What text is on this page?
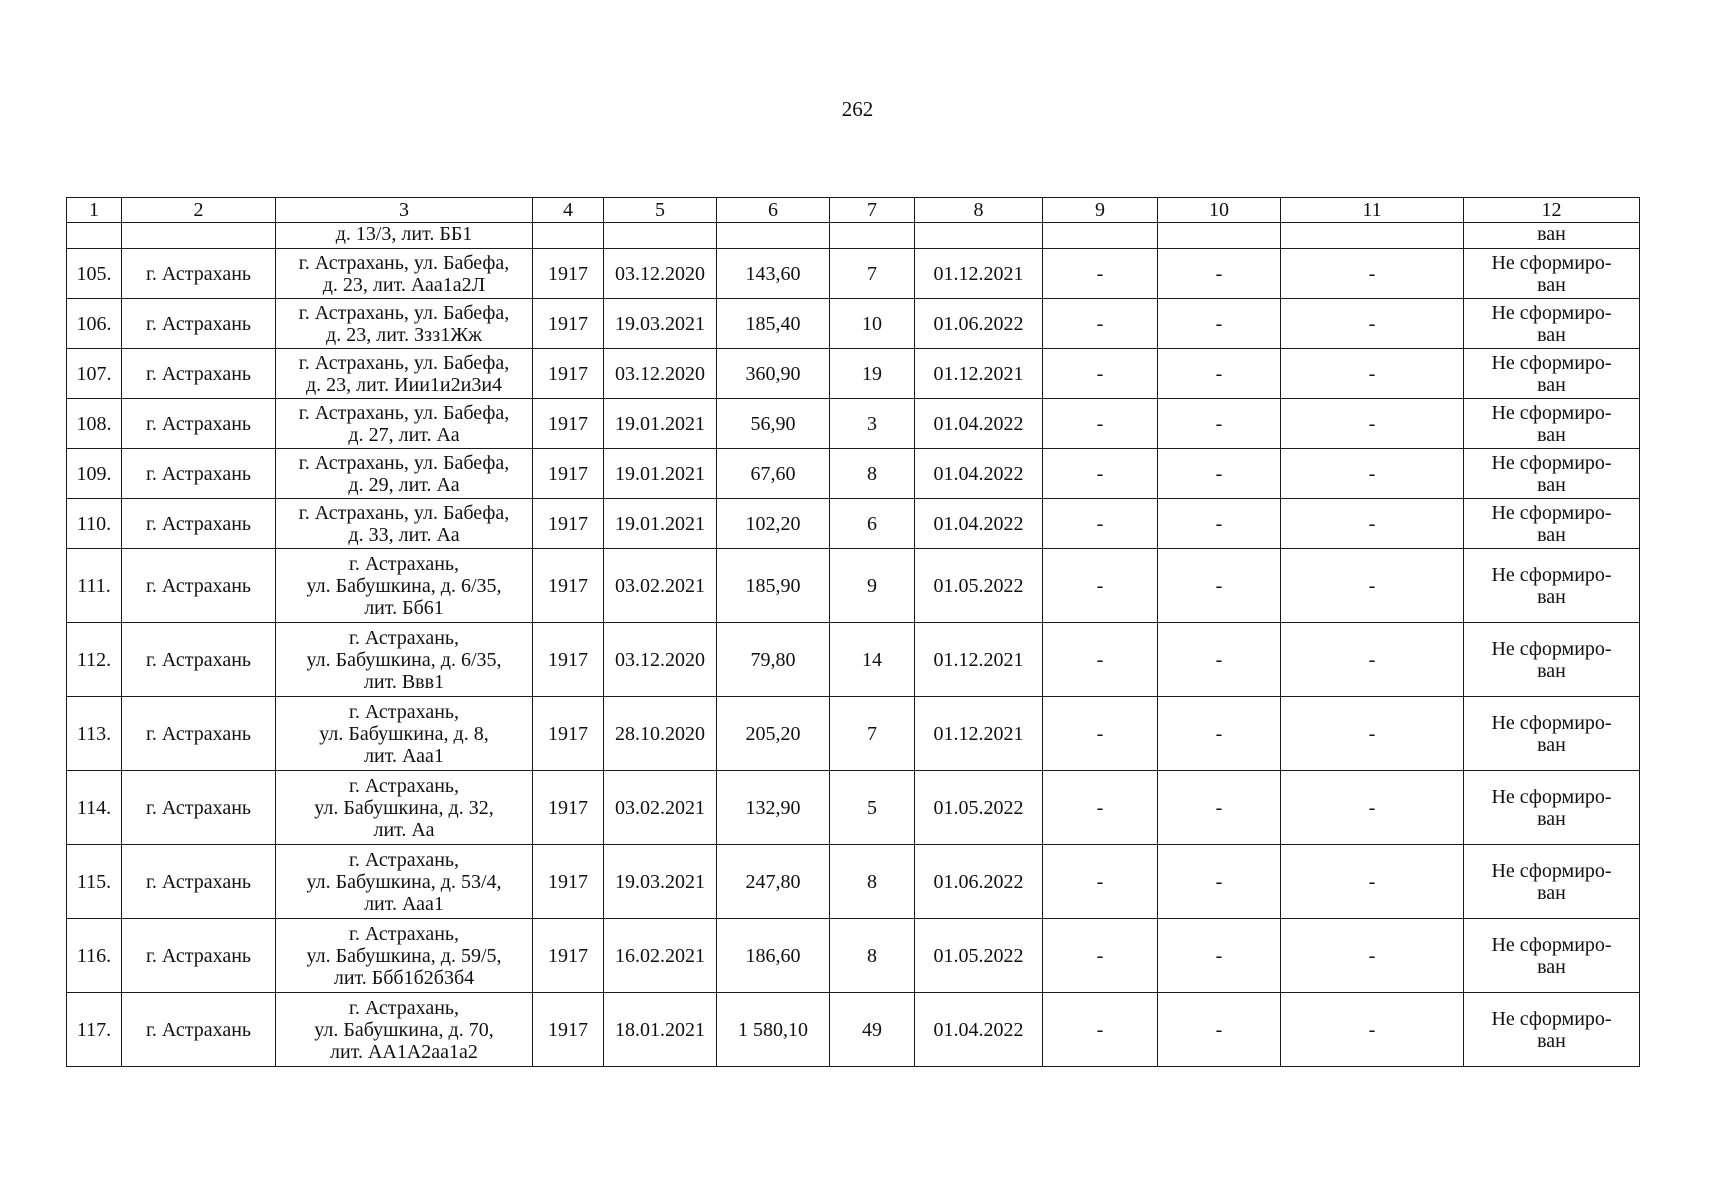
262
1	2	3	4	5	6	7	8	9	10	11	12
		д. 13/3, лит. ББ1									ван
105.	г. Астрахань	г. Астрахань, ул. Бабефа,
д. 23, лит. Ааа1а2Л	1917	03.12.2020	143,60	7	01.12.2021	-	-	-	Не сформиро-
ван
106.	г. Астрахань	г. Астрахань, ул. Бабефа,
д. 23, лит. Ззз1Жж	1917	19.03.2021	185,40	10	01.06.2022	-	-	-	Не сформиро-
ван
107.	г. Астрахань	г. Астрахань, ул. Бабефа,
д. 23, лит. Иии1и2и3и4	1917	03.12.2020	360,90	19	01.12.2021	-	-	-	Не сформиро-
ван
108.	г. Астрахань	г. Астрахань, ул. Бабефа,
д. 27, лит. Аа	1917	19.01.2021	56,90	3	01.04.2022	-	-	-	Не сформиро-
ван
109.	г. Астрахань	г. Астрахань, ул. Бабефа,
д. 29, лит. Аа	1917	19.01.2021	67,60	8	01.04.2022	-	-	-	Не сформиро-
ван
110.	г. Астрахань	г. Астрахань, ул. Бабефа,
д. 33, лит. Аа	1917	19.01.2021	102,20	6	01.04.2022	-	-	-	Не сформиро-
ван
111.	г. Астрахань	г. Астрахань,
ул. Бабушкина, д. 6/35,
лит. Бб61	1917	03.02.2021	185,90	9	01.05.2022	-	-	-	Не сформиро-
ван
112.	г. Астрахань	г. Астрахань,
ул. Бабушкина, д. 6/35,
лит. Ввв1	1917	03.12.2020	79,80	14	01.12.2021	-	-	-	Не сформиро-
ван
113.	г. Астрахань	г. Астрахань,
ул. Бабушкина, д. 8,
лит. Ааа1	1917	28.10.2020	205,20	7	01.12.2021	-	-	-	Не сформиро-
ван
114.	г. Астрахань	г. Астрахань,
ул. Бабушкина, д. 32,
лит. Аа	1917	03.02.2021	132,90	5	01.05.2022	-	-	-	Не сформиро-
ван
115.	г. Астрахань	г. Астрахань,
ул. Бабушкина, д. 53/4,
лит. Ааа1	1917	19.03.2021	247,80	8	01.06.2022	-	-	-	Не сформиро-
ван
116.	г. Астрахань	г. Астрахань,
ул. Бабушкина, д. 59/5,
лит. Ббб1б2б3б4	1917	16.02.2021	186,60	8	01.05.2022	-	-	-	Не сформиро-
ван
117.	г. Астрахань	г. Астрахань,
ул. Бабушкина, д. 70,
лит. АА1А2аа1а2	1917	18.01.2021	1 580,10	49	01.04.2022	-	-	-	Не сформиро-
ван
